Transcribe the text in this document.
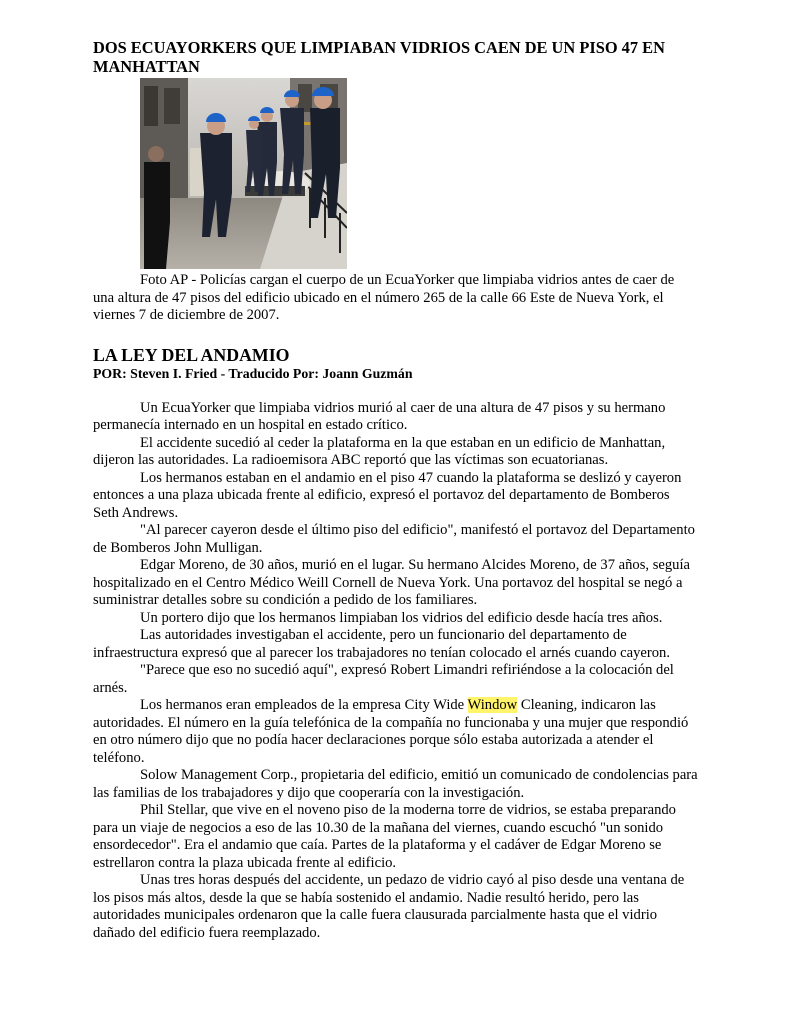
DOS ECUAYORKERS QUE LIMPIABAN VIDRIOS CAEN DE UN PISO 47 EN MANHATTAN

Foto AP - Policías cargan el cuerpo de un EcuaYorker que limpiaba vidrios antes de caer de una altura de 47 pisos del edificio ubicado en el número 265 de la calle 66 Este de Nueva York, el viernes 7 de diciembre de 2007.

LA LEY DEL ANDAMIO

POR: Steven I. Fried - Traducido Por: Joann Guzmán

Un EcuaYorker que limpiaba vidrios murió al caer de una altura de 47 pisos y su hermano permanecía internado en un hospital en estado crítico.

El accidente sucedió al ceder la plataforma en la que estaban en un edificio de Manhattan, dijeron las autoridades. La radioemisora ABC reportó que las víctimas son ecuatorianas.

Los hermanos estaban en el andamio en el piso 47 cuando la plataforma se deslizó y cayeron entonces a una plaza ubicada frente al edificio, expresó el portavoz del departamento de Bomberos Seth Andrews.

"Al parecer cayeron desde el último piso del edificio", manifestó el portavoz del Departamento de Bomberos John Mulligan.

Edgar Moreno, de 30 años, murió en el lugar. Su hermano Alcides Moreno, de 37 años, seguía hospitalizado en el Centro Médico Weill Cornell de Nueva York. Una portavoz del hospital se negó a suministrar detalles sobre su condición a pedido de los familiares.

Un portero dijo que los hermanos limpiaban los vidrios del edificio desde hacía tres años.

Las autoridades investigaban el accidente, pero un funcionario del departamento de infraestructura expresó que al parecer los trabajadores no tenían colocado el arnés cuando cayeron.

"Parece que eso no sucedió aquí", expresó Robert Limandri refiriéndose a la colocación del arnés.

Los hermanos eran empleados de la empresa City Wide Window Cleaning, indicaron las autoridades. El número en la guía telefónica de la compañía no funcionaba y una mujer que respondió en otro número dijo que no podía hacer declaraciones porque sólo estaba autorizada a atender el teléfono.

Solow Management Corp., propietaria del edificio, emitió un comunicado de condolencias para las familias de los trabajadores y dijo que cooperaría con la investigación.

Phil Stellar, que vive en el noveno piso de la moderna torre de vidrios, se estaba preparando para un viaje de negocios a eso de las 10.30 de la mañana del viernes, cuando escuchó "un sonido ensordecedor". Era el andamio que caía. Partes de la plataforma y el cadáver de Edgar Moreno se estrellaron contra la plaza ubicada frente al edificio.

Unas tres horas después del accidente, un pedazo de vidrio cayó al piso desde una ventana de los pisos más altos, desde la que se había sostenido el andamio. Nadie resultó herido, pero las autoridades municipales ordenaron que la calle fuera clausurada parcialmente hasta que el vidrio dañado del edificio fuera reemplazado.
